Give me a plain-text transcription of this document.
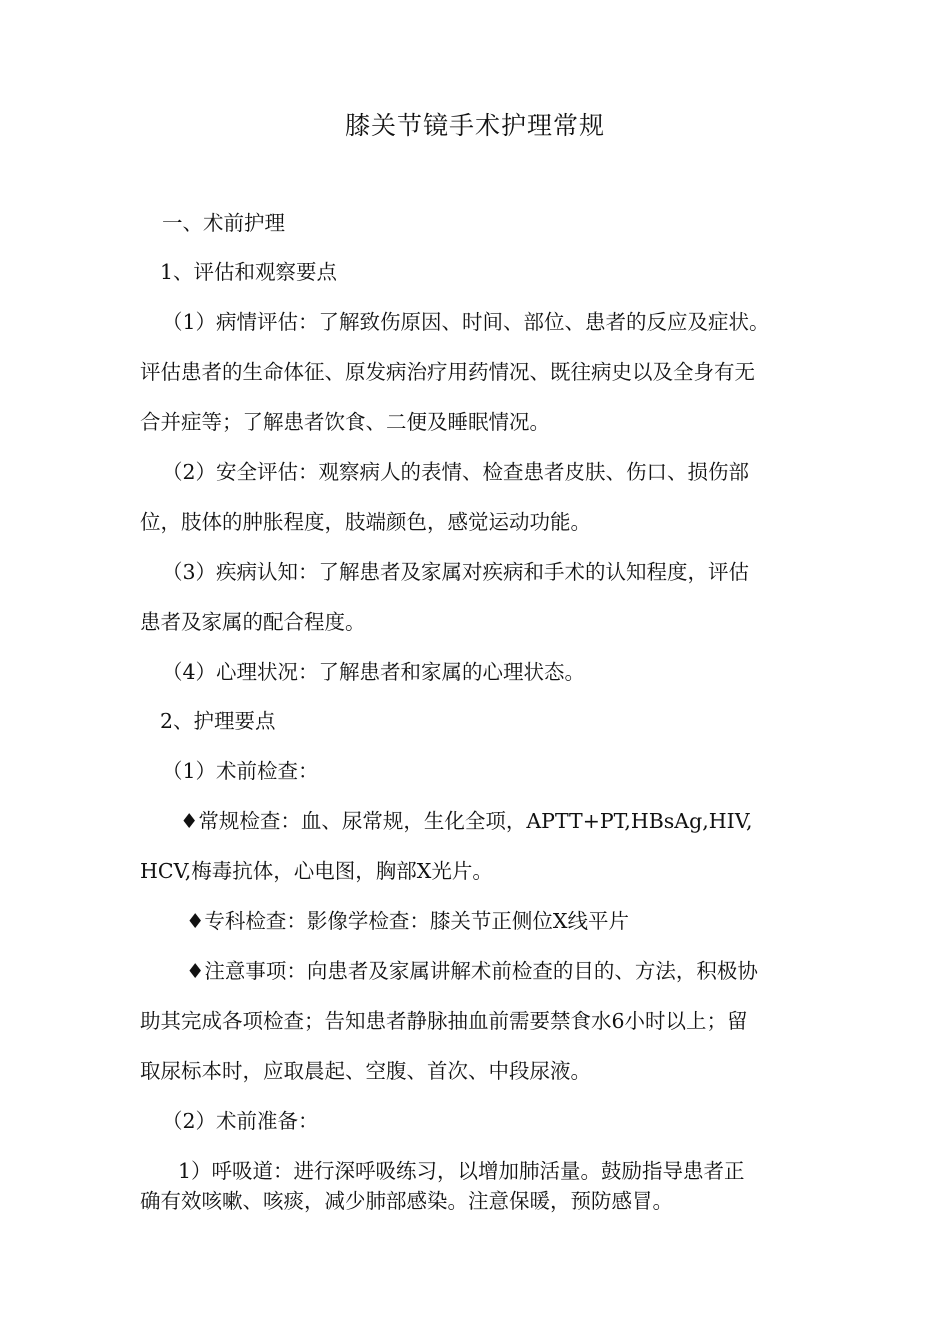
膝关节镜手术护理常规
一、术前护理
1、评估和观察要点
（1）病情评估：了解致伤原因、时间、部位、患者的反应及症状。
评估患者的生命体征、原发病治疗用药情况、既往病史以及全身有无
合并症等；了解患者饮食、二便及睡眠情况。
（2）安全评估：观察病人的表情、检查患者皮肤、伤口、损伤部
位，肢体的肿胀程度，肢端颜色，感觉运动功能。
（3）疾病认知：了解患者及家属对疾病和手术的认知程度，评估
患者及家属的配合程度。
（4）心理状况：了解患者和家属的心理状态。
2、护理要点
（1）术前检查：
♦常规检查：血、尿常规，生化全项，APTT+PT,HBsAg,HIV,
HCV,梅毒抗体，心电图，胸部X光片。
♦专科检查：影像学检查：膝关节正侧位X线平片
♦注意事项：向患者及家属讲解术前检查的目的、方法，积极协
助其完成各项检查；告知患者静脉抽血前需要禁食水6小时以上；留
取尿标本时，应取晨起、空腹、首次、中段尿液。
（2）术前准备：
1）呼吸道：进行深呼吸练习，以增加肺活量。鼓励指导患者正
确有效咳嗽、咳痰，减少肺部感染。注意保暖，预防感冒。
